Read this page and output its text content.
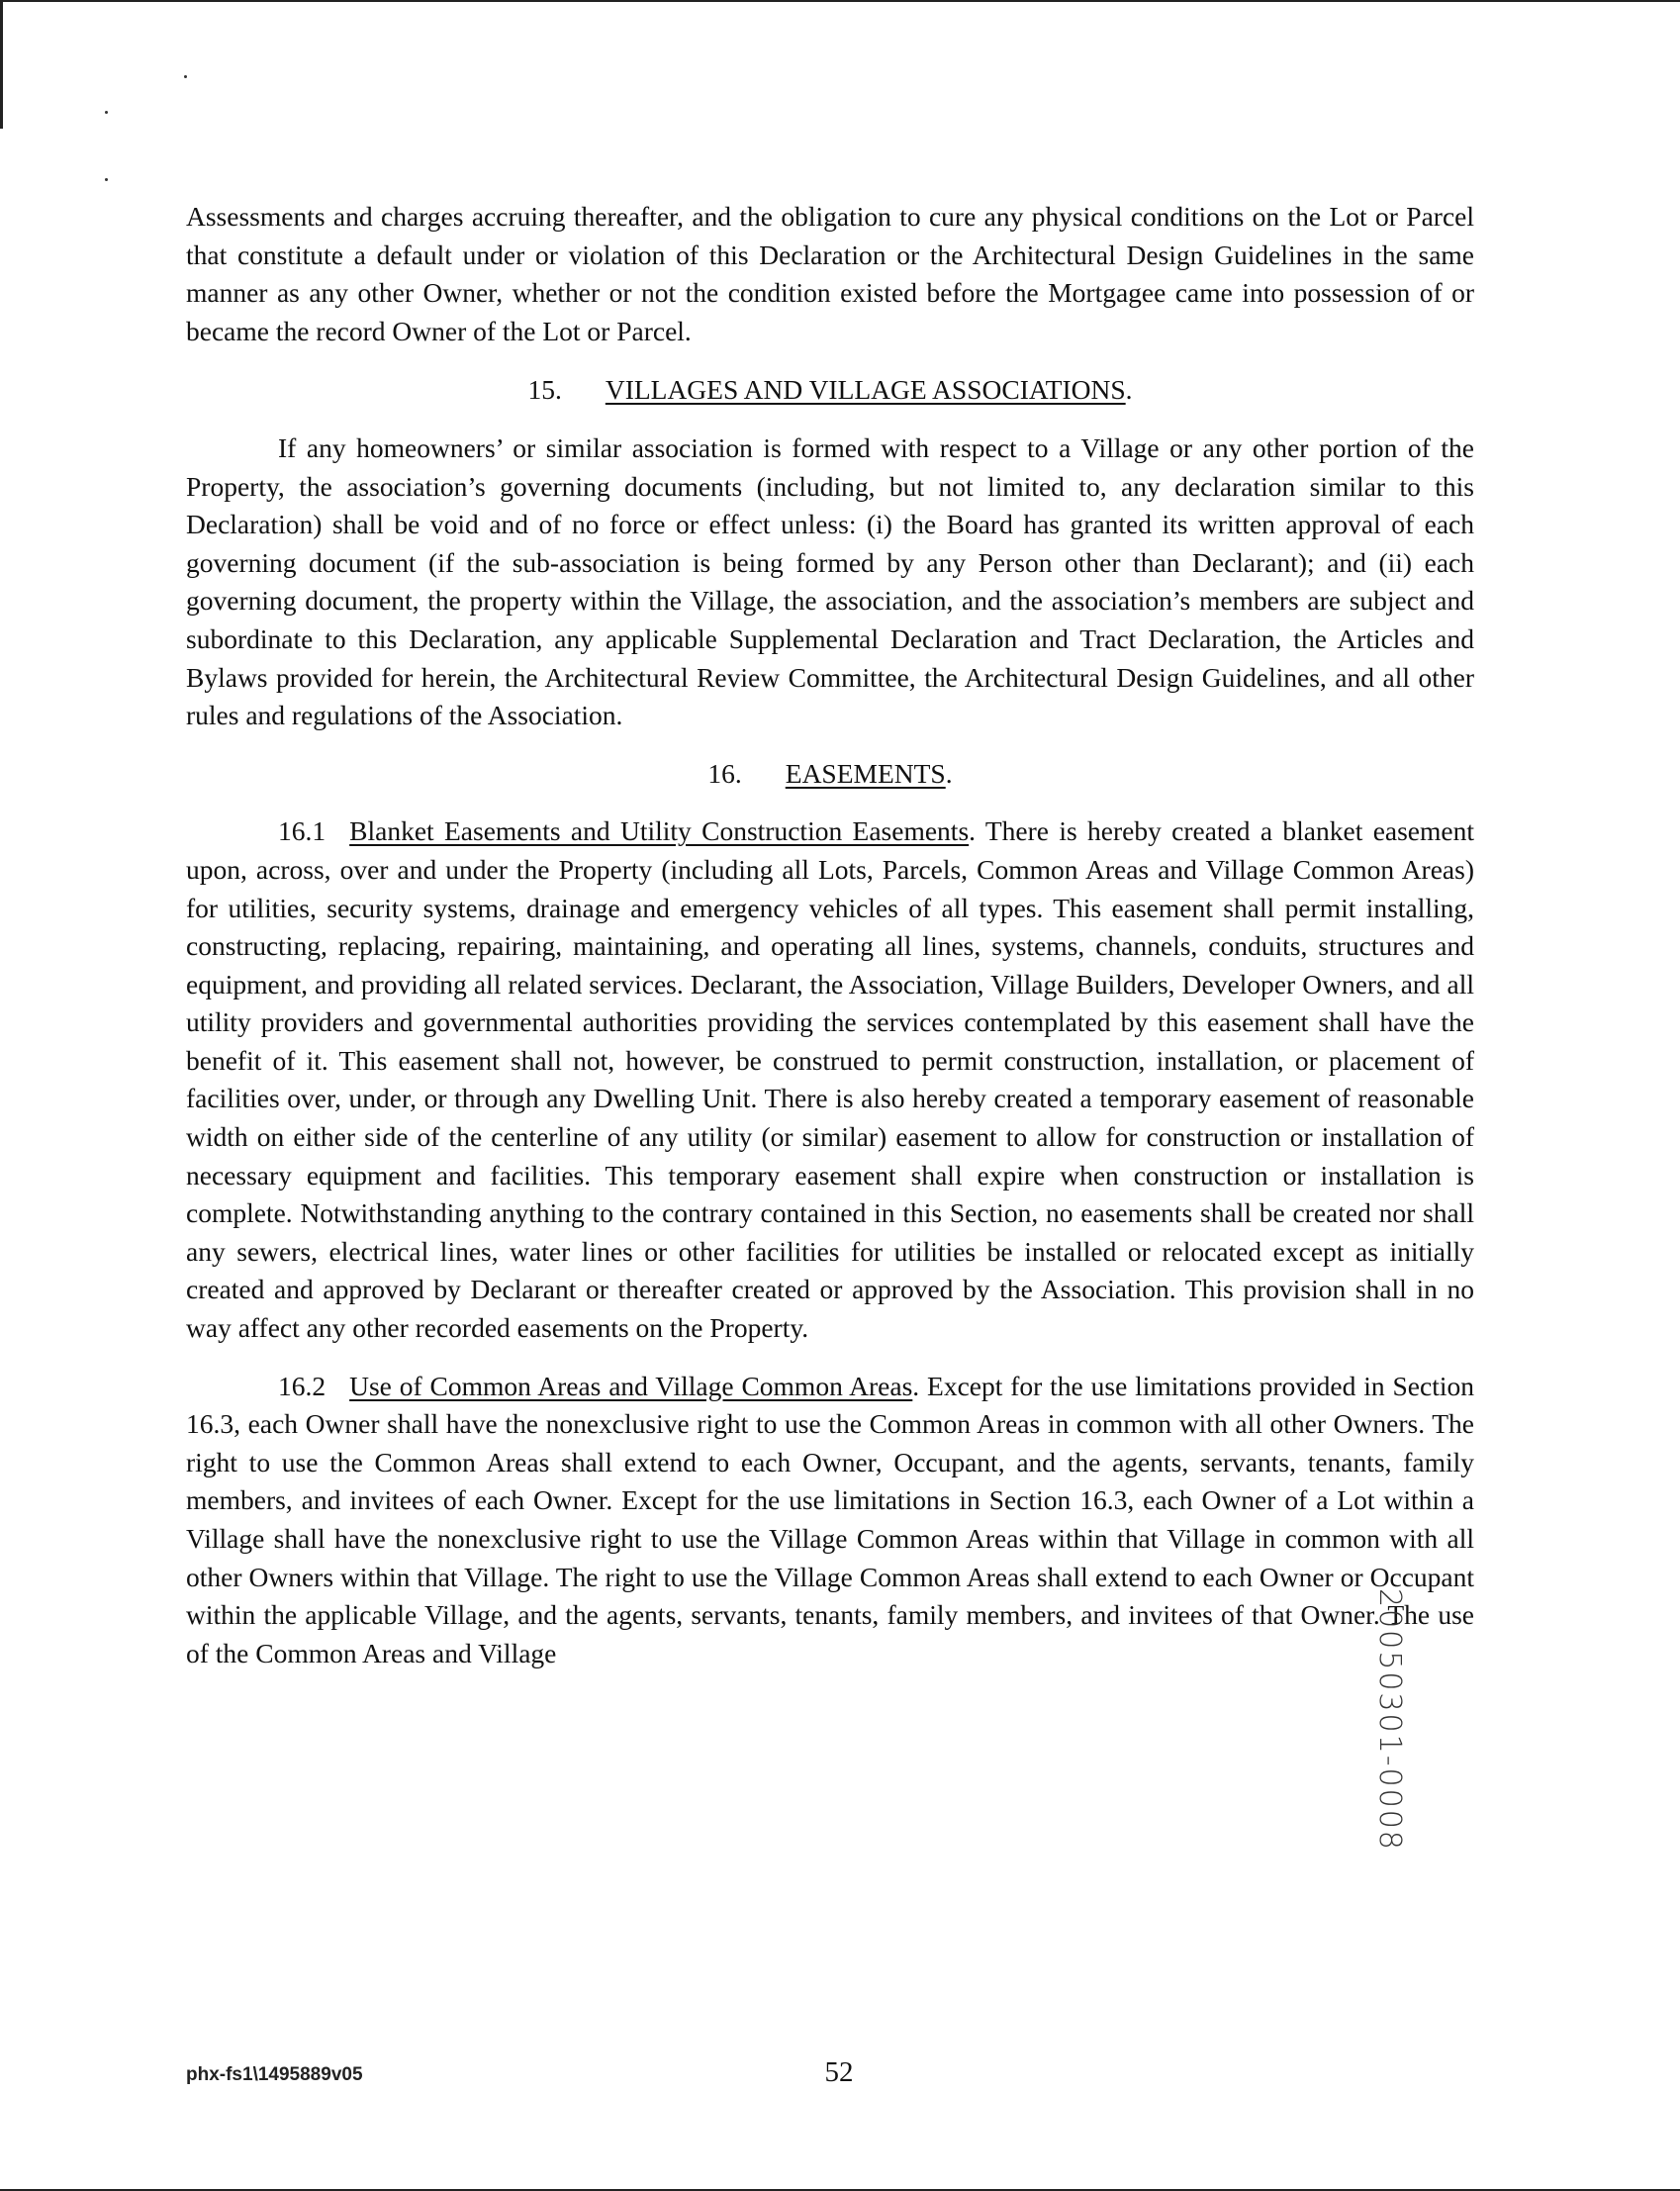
Assessments and charges accruing thereafter, and the obligation to cure any physical conditions on the Lot or Parcel that constitute a default under or violation of this Declaration or the Architectural Design Guidelines in the same manner as any other Owner, whether or not the condition existed before the Mortgagee came into possession of or became the record Owner of the Lot or Parcel.

15. VILLAGES AND VILLAGE ASSOCIATIONS.

If any homeowners’ or similar association is formed with respect to a Village or any other portion of the Property, the association’s governing documents (including, but not limited to, any declaration similar to this Declaration) shall be void and of no force or effect unless: (i) the Board has granted its written approval of each governing document (if the sub-association is being formed by any Person other than Declarant); and (ii) each governing document, the property within the Village, the association, and the association’s members are subject and subordinate to this Declaration, any applicable Supplemental Declaration and Tract Declaration, the Articles and Bylaws provided for herein, the Architectural Review Committee, the Architectural Design Guidelines, and all other rules and regulations of the Association.

16. EASEMENTS.

16.1 Blanket Easements and Utility Construction Easements. There is hereby created a blanket easement upon, across, over and under the Property (including all Lots, Parcels, Common Areas and Village Common Areas) for utilities, security systems, drainage and emergency vehicles of all types. This easement shall permit installing, constructing, replacing, repairing, maintaining, and operating all lines, systems, channels, conduits, structures and equipment, and providing all related services. Declarant, the Association, Village Builders, Developer Owners, and all utility providers and governmental authorities providing the services contemplated by this easement shall have the benefit of it. This easement shall not, however, be construed to permit construction, installation, or placement of facilities over, under, or through any Dwelling Unit. There is also hereby created a temporary easement of reasonable width on either side of the centerline of any utility (or similar) easement to allow for construction or installation of necessary equipment and facilities. This temporary easement shall expire when construction or installation is complete. Notwithstanding anything to the contrary contained in this Section, no easements shall be created nor shall any sewers, electrical lines, water lines or other facilities for utilities be installed or relocated except as initially created and approved by Declarant or thereafter created or approved by the Association. This provision shall in no way affect any other recorded easements on the Property.

16.2 Use of Common Areas and Village Common Areas. Except for the use limitations provided in Section 16.3, each Owner shall have the nonexclusive right to use the Common Areas in common with all other Owners. The right to use the Common Areas shall extend to each Owner, Occupant, and the agents, servants, tenants, family members, and invitees of each Owner. Except for the use limitations in Section 16.3, each Owner of a Lot within a Village shall have the nonexclusive right to use the Village Common Areas within that Village in common with all other Owners within that Village. The right to use the Village Common Areas shall extend to each Owner or Occupant within the applicable Village, and the agents, servants, tenants, family members, and invitees of that Owner. The use of the Common Areas and Village	20050301-0008
phx-fs1\1495889v05	52
